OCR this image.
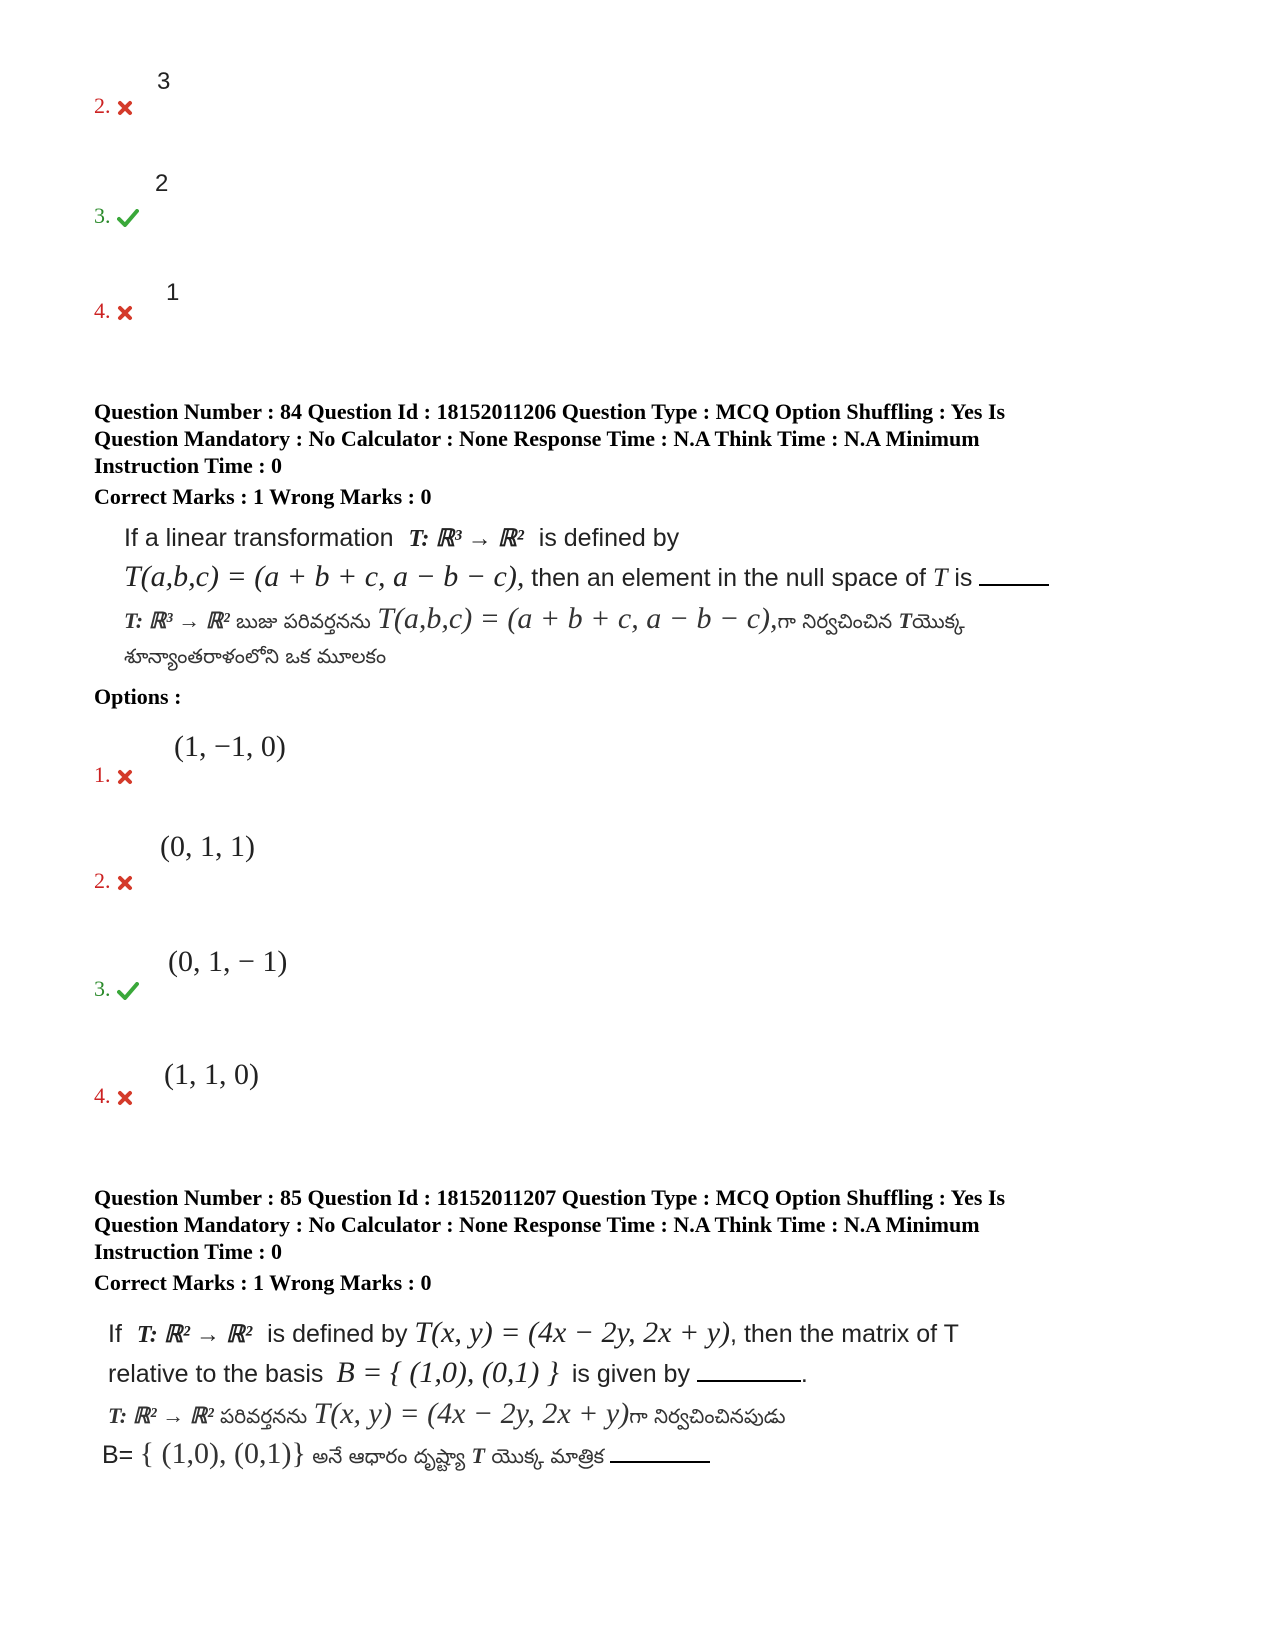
3
2.
2
3.
1
4.
Question Number : 84 Question Id : 18152011206 Question Type : MCQ Option Shuffling : Yes Is
Question Mandatory : No Calculator : None Response Time : N.A Think Time : N.A Minimum
Instruction Time : 0
Correct Marks : 1 Wrong Marks : 0
If a linear transformation T: ℝ³ → ℝ² is defined by
T(a,b,c) = (a + b + c, a − b − c), then an element in the null space of T is
T: ℝ³ → ℝ² బుజు పరివర్తనను T(a,b,c) = (a + b + c, a − b − c),గా నిర్వచించిన Tయొక్క
శూన్యాంతరాళంలోని ఒక మూలకం
Options :
(1, −1, 0)
1.
(0, 1, 1)
2.
(0, 1, − 1)
3.
(1, 1, 0)
4.
Question Number : 85 Question Id : 18152011207 Question Type : MCQ Option Shuffling : Yes Is
Question Mandatory : No Calculator : None Response Time : N.A Think Time : N.A Minimum
Instruction Time : 0
Correct Marks : 1 Wrong Marks : 0
If T: ℝ² → ℝ² is defined by T(x, y) = (4x − 2y, 2x + y), then the matrix of T
relative to the basis B = { (1,0), (0,1) } is given by	.
T: ℝ² → ℝ² పరివర్తనను T(x, y) = (4x − 2y, 2x + y)గా నిర్వచించినపుడు
B= { (1,0), (0,1)} అనే ఆధారం దృష్ట్యా T యొక్క మాత్రిక
